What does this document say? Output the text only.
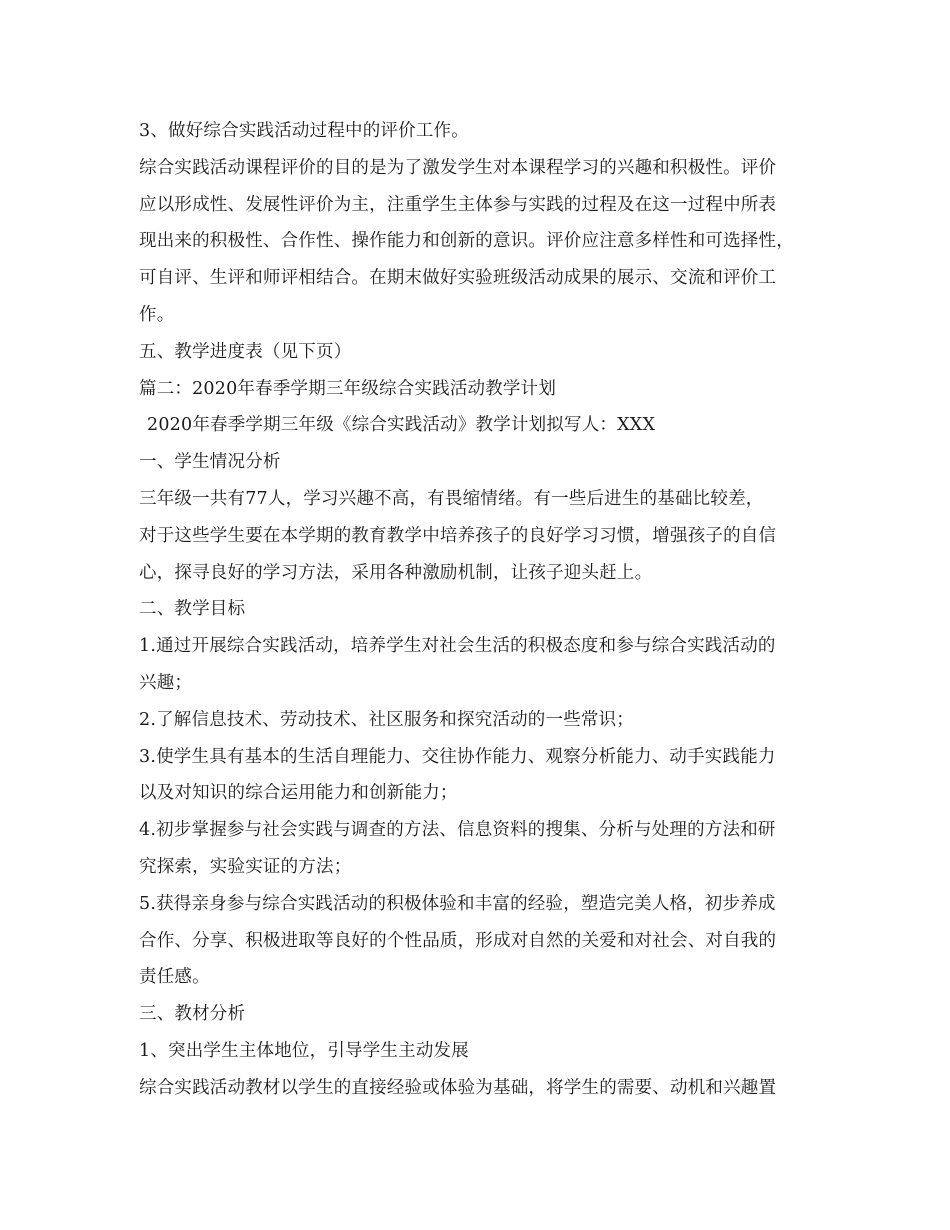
3、做好综合实践活动过程中的评价工作。
综合实践活动课程评价的目的是为了激发学生对本课程学习的兴趣和积极性。评价
应以形成性、发展性评价为主，注重学生主体参与实践的过程及在这一过程中所表
现出来的积极性、合作性、操作能力和创新的意识。评价应注意多样性和可选择性，
可自评、生评和师评相结合。在期末做好实验班级活动成果的展示、交流和评价工
作。
五、教学进度表（见下页）
篇二：2020年春季学期三年级综合实践活动教学计划
2020年春季学期三年级《综合实践活动》教学计划拟写人：XXX
一、学生情况分析
三年级一共有77人，学习兴趣不高，有畏缩情绪。有一些后进生的基础比较差，
对于这些学生要在本学期的教育教学中培养孩子的良好学习习惯，增强孩子的自信
心，探寻良好的学习方法，采用各种激励机制，让孩子迎头赶上。
二、教学目标
1.通过开展综合实践活动，培养学生对社会生活的积极态度和参与综合实践活动的
兴趣；
2.了解信息技术、劳动技术、社区服务和探究活动的一些常识；
3.使学生具有基本的生活自理能力、交往协作能力、观察分析能力、动手实践能力
以及对知识的综合运用能力和创新能力；
4.初步掌握参与社会实践与调查的方法、信息资料的搜集、分析与处理的方法和研
究探索，实验实证的方法；
5.获得亲身参与综合实践活动的积极体验和丰富的经验，塑造完美人格，初步养成
合作、分享、积极进取等良好的个性品质，形成对自然的关爱和对社会、对自我的
责任感。
三、教材分析
1、突出学生主体地位，引导学生主动发展
综合实践活动教材以学生的直接经验或体验为基础，将学生的需要、动机和兴趣置
